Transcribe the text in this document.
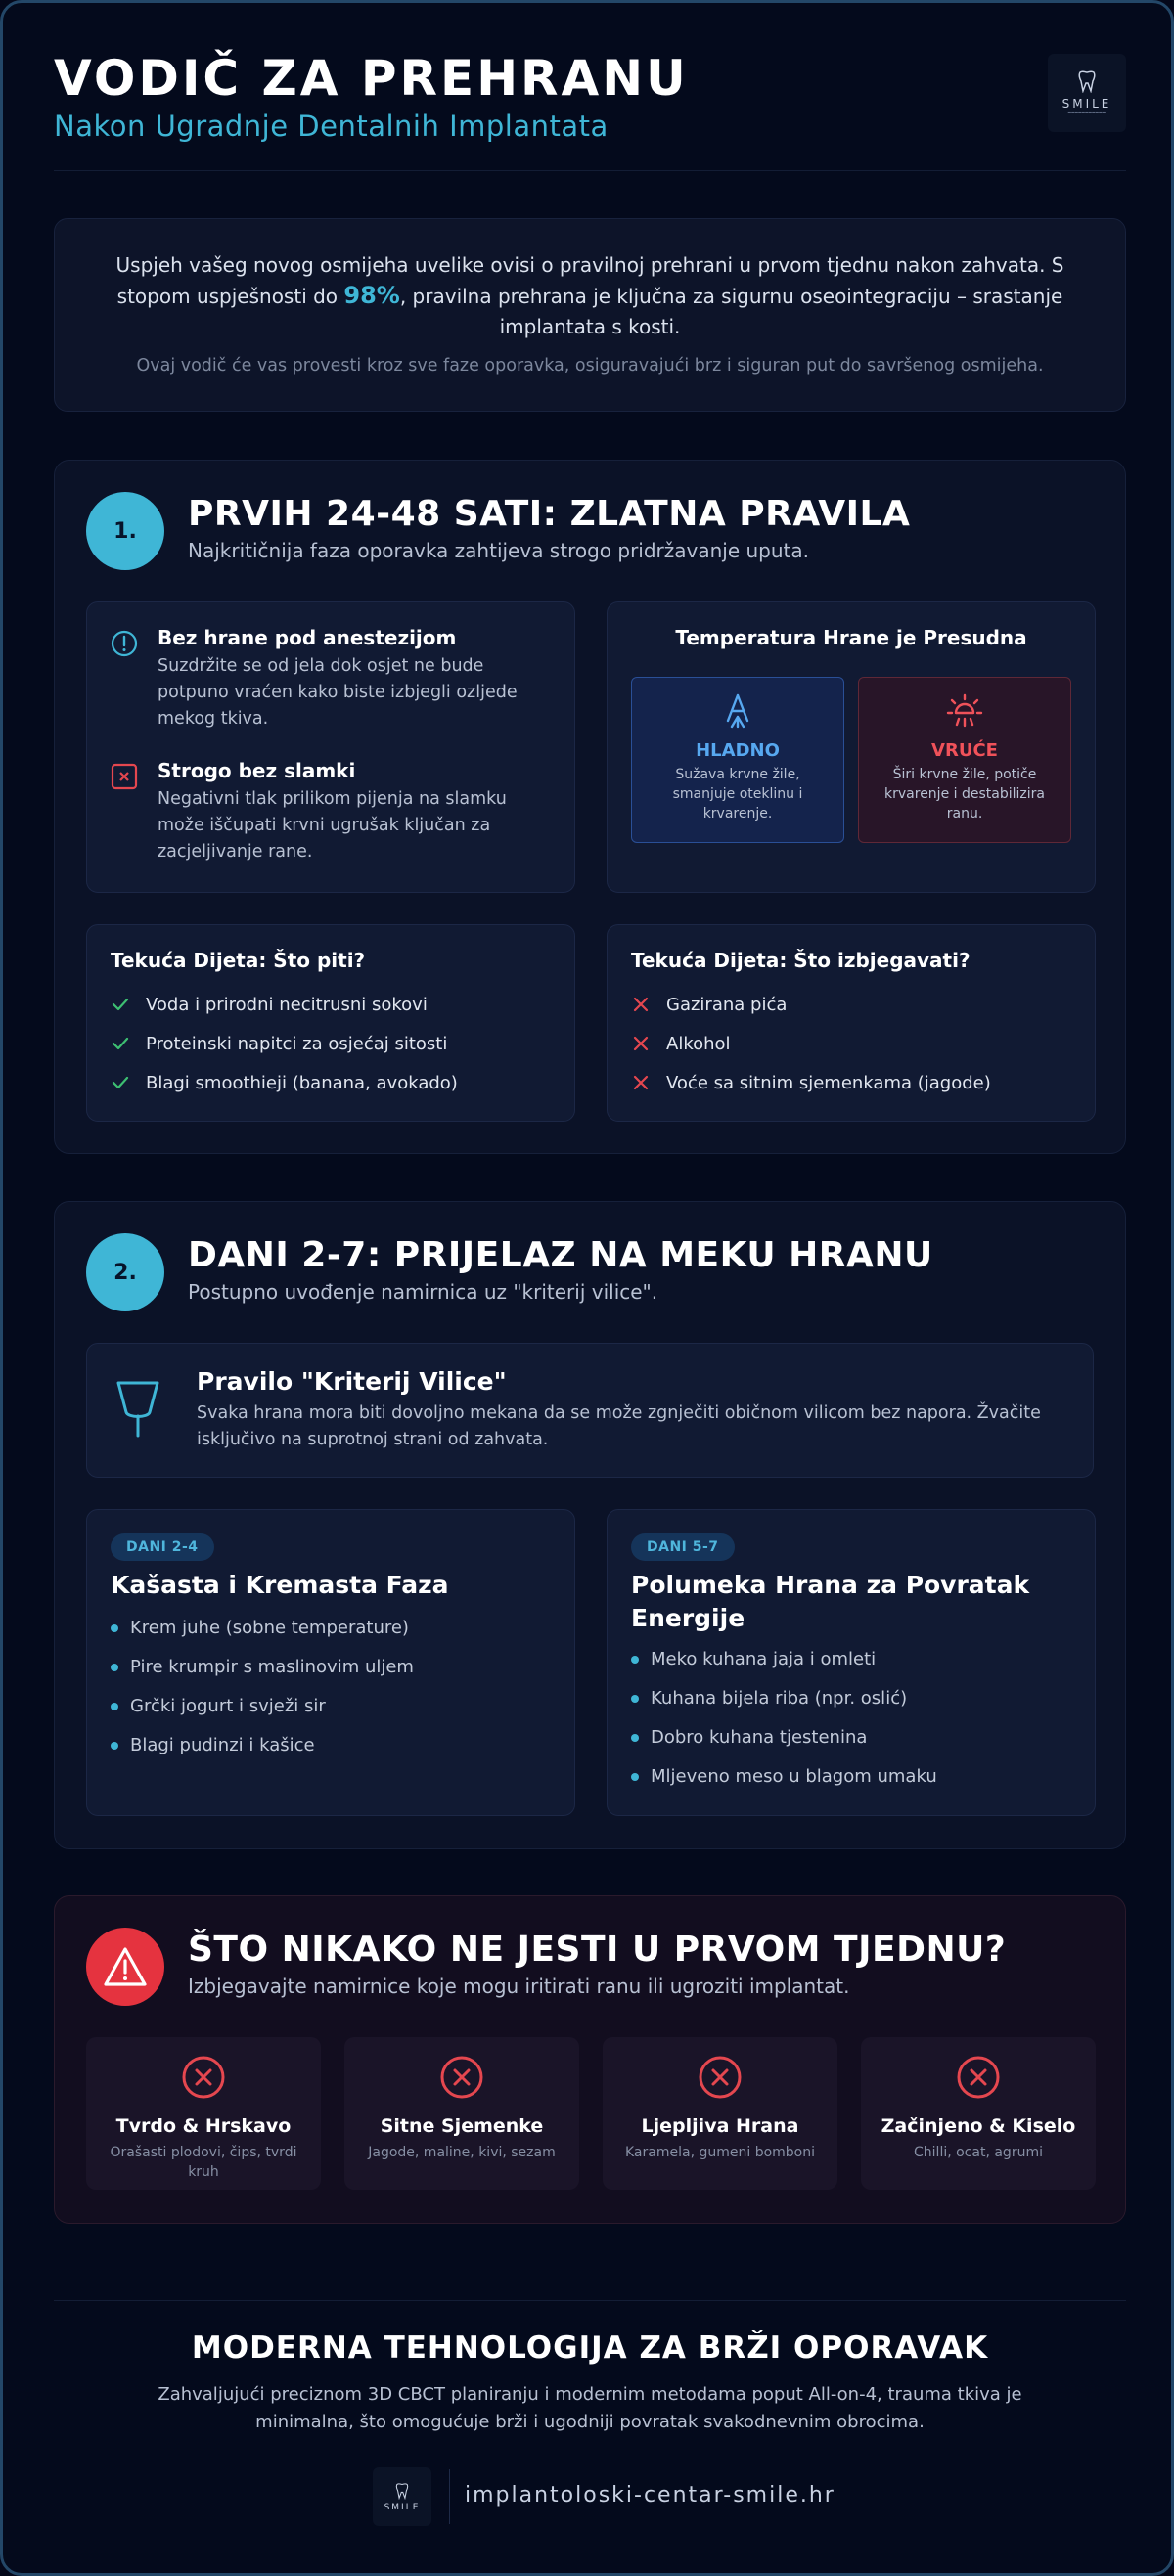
VODIČ ZA PREHRANU
Nakon Ugradnje Dentalnih Implantata
SMILE
━━━━━━━━━━━

Uspjeh vašeg novog osmijeha uvelike ovisi o pravilnoj prehrani u prvom tjednu nakon zahvata. S stopom uspješnosti do 98%, pravilna prehrana je ključna za sigurnu oseointegraciju – srastanje implantata s kosti.

Ovaj vodič će vas provesti kroz sve faze oporavka, osiguravajući brz i siguran put do savršenog osmijeha.

1.	PRVIH 24-48 SATI: ZLATNA PRAVILA
Najkritičnija faza oporavka zahtijeva strogo pridržavanje uputa.
Bez hrane pod anestezijom
Suzdržite se od jela dok osjet ne bude potpuno vraćen kako biste izbjegli ozljede mekog tkiva.
Strogo bez slamki
Negativni tlak prilikom pijenja na slamku može iščupati krvni ugrušak ključan za zacjeljivanje rane.
Temperatura Hrane je Presudna
HLADNO
Sužava krvne žile, smanjuje oteklinu i krvarenje.
VRUĆE
Širi krvne žile, potiče krvarenje i destabilizira ranu.
Tekuća Dijeta: Što piti?
Voda i prirodni necitrusni sokovi
Proteinski napitci za osjećaj sitosti
Blagi smoothieji (banana, avokado)
Tekuća Dijeta: Što izbjegavati?
Gazirana pića
Alkohol
Voće sa sitnim sjemenkama (jagode)
2.	DANI 2-7: PRIJELAZ NA MEKU HRANU
Postupno uvođenje namirnica uz "kriterij vilice".
Pravilo "Kriterij Vilice"
Svaka hrana mora biti dovoljno mekana da se može zgnječiti običnom vilicom bez napora. Žvačite isključivo na suprotnoj strani od zahvata.
DANI 2-4
Kašasta i Kremasta Faza
Krem juhe (sobne temperature)
Pire krumpir s maslinovim uljem
Grčki jogurt i svježi sir
Blagi pudinzi i kašice
DANI 5-7
Polumeka Hrana za Povratak Energije
Meko kuhana jaja i omleti
Kuhana bijela riba (npr. oslić)
Dobro kuhana tjestenina
Mljeveno meso u blagom umaku
ŠTO NIKAKO NE JESTI U PRVOM TJEDNU?
Izbjegavajte namirnice koje mogu iritirati ranu ili ugroziti implantat.
Tvrdo & Hrskavo
Orašasti plodovi, čips, tvrdi kruh
Sitne Sjemenke
Jagode, maline, kivi, sezam
Ljepljiva Hrana
Karamela, gumeni bomboni
Začinjeno & Kiselo
Chilli, ocat, agrumi
MODERNA TEHNOLOGIJA ZA BRŽI OPORAVAK
Zahvaljujući preciznom 3D CBCT planiranju i modernim metodama poput All-on-4, trauma tkiva je minimalna, što omogućuje brži i ugodniji povratak svakodnevnim obrocima.
SMILE implantoloski-centar-smile.hr
